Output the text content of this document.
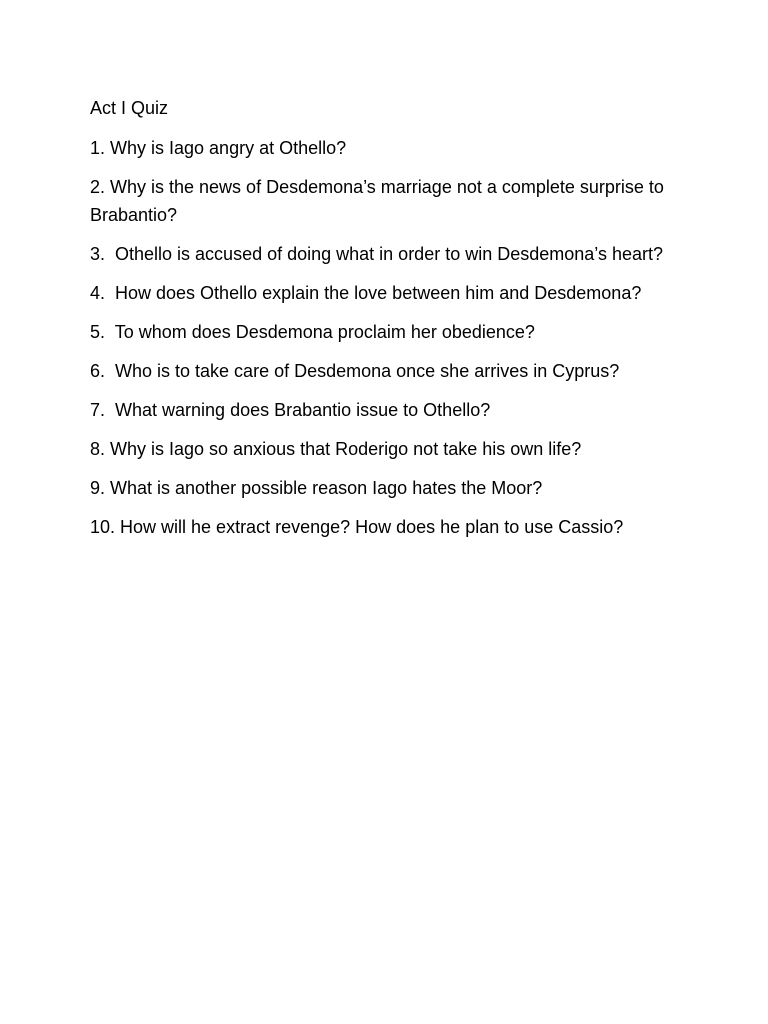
Act I Quiz
1. Why is Iago angry at Othello?
2. Why is the news of Desdemona’s marriage not a complete surprise to Brabantio?
3.  Othello is accused of doing what in order to win Desdemona’s heart?
4.  How does Othello explain the love between him and Desdemona?
5.  To whom does Desdemona proclaim her obedience?
6.  Who is to take care of Desdemona once she arrives in Cyprus?
7.  What warning does Brabantio issue to Othello?
8. Why is Iago so anxious that Roderigo not take his own life?
9. What is another possible reason Iago hates the Moor?
10. How will he extract revenge? How does he plan to use Cassio?
